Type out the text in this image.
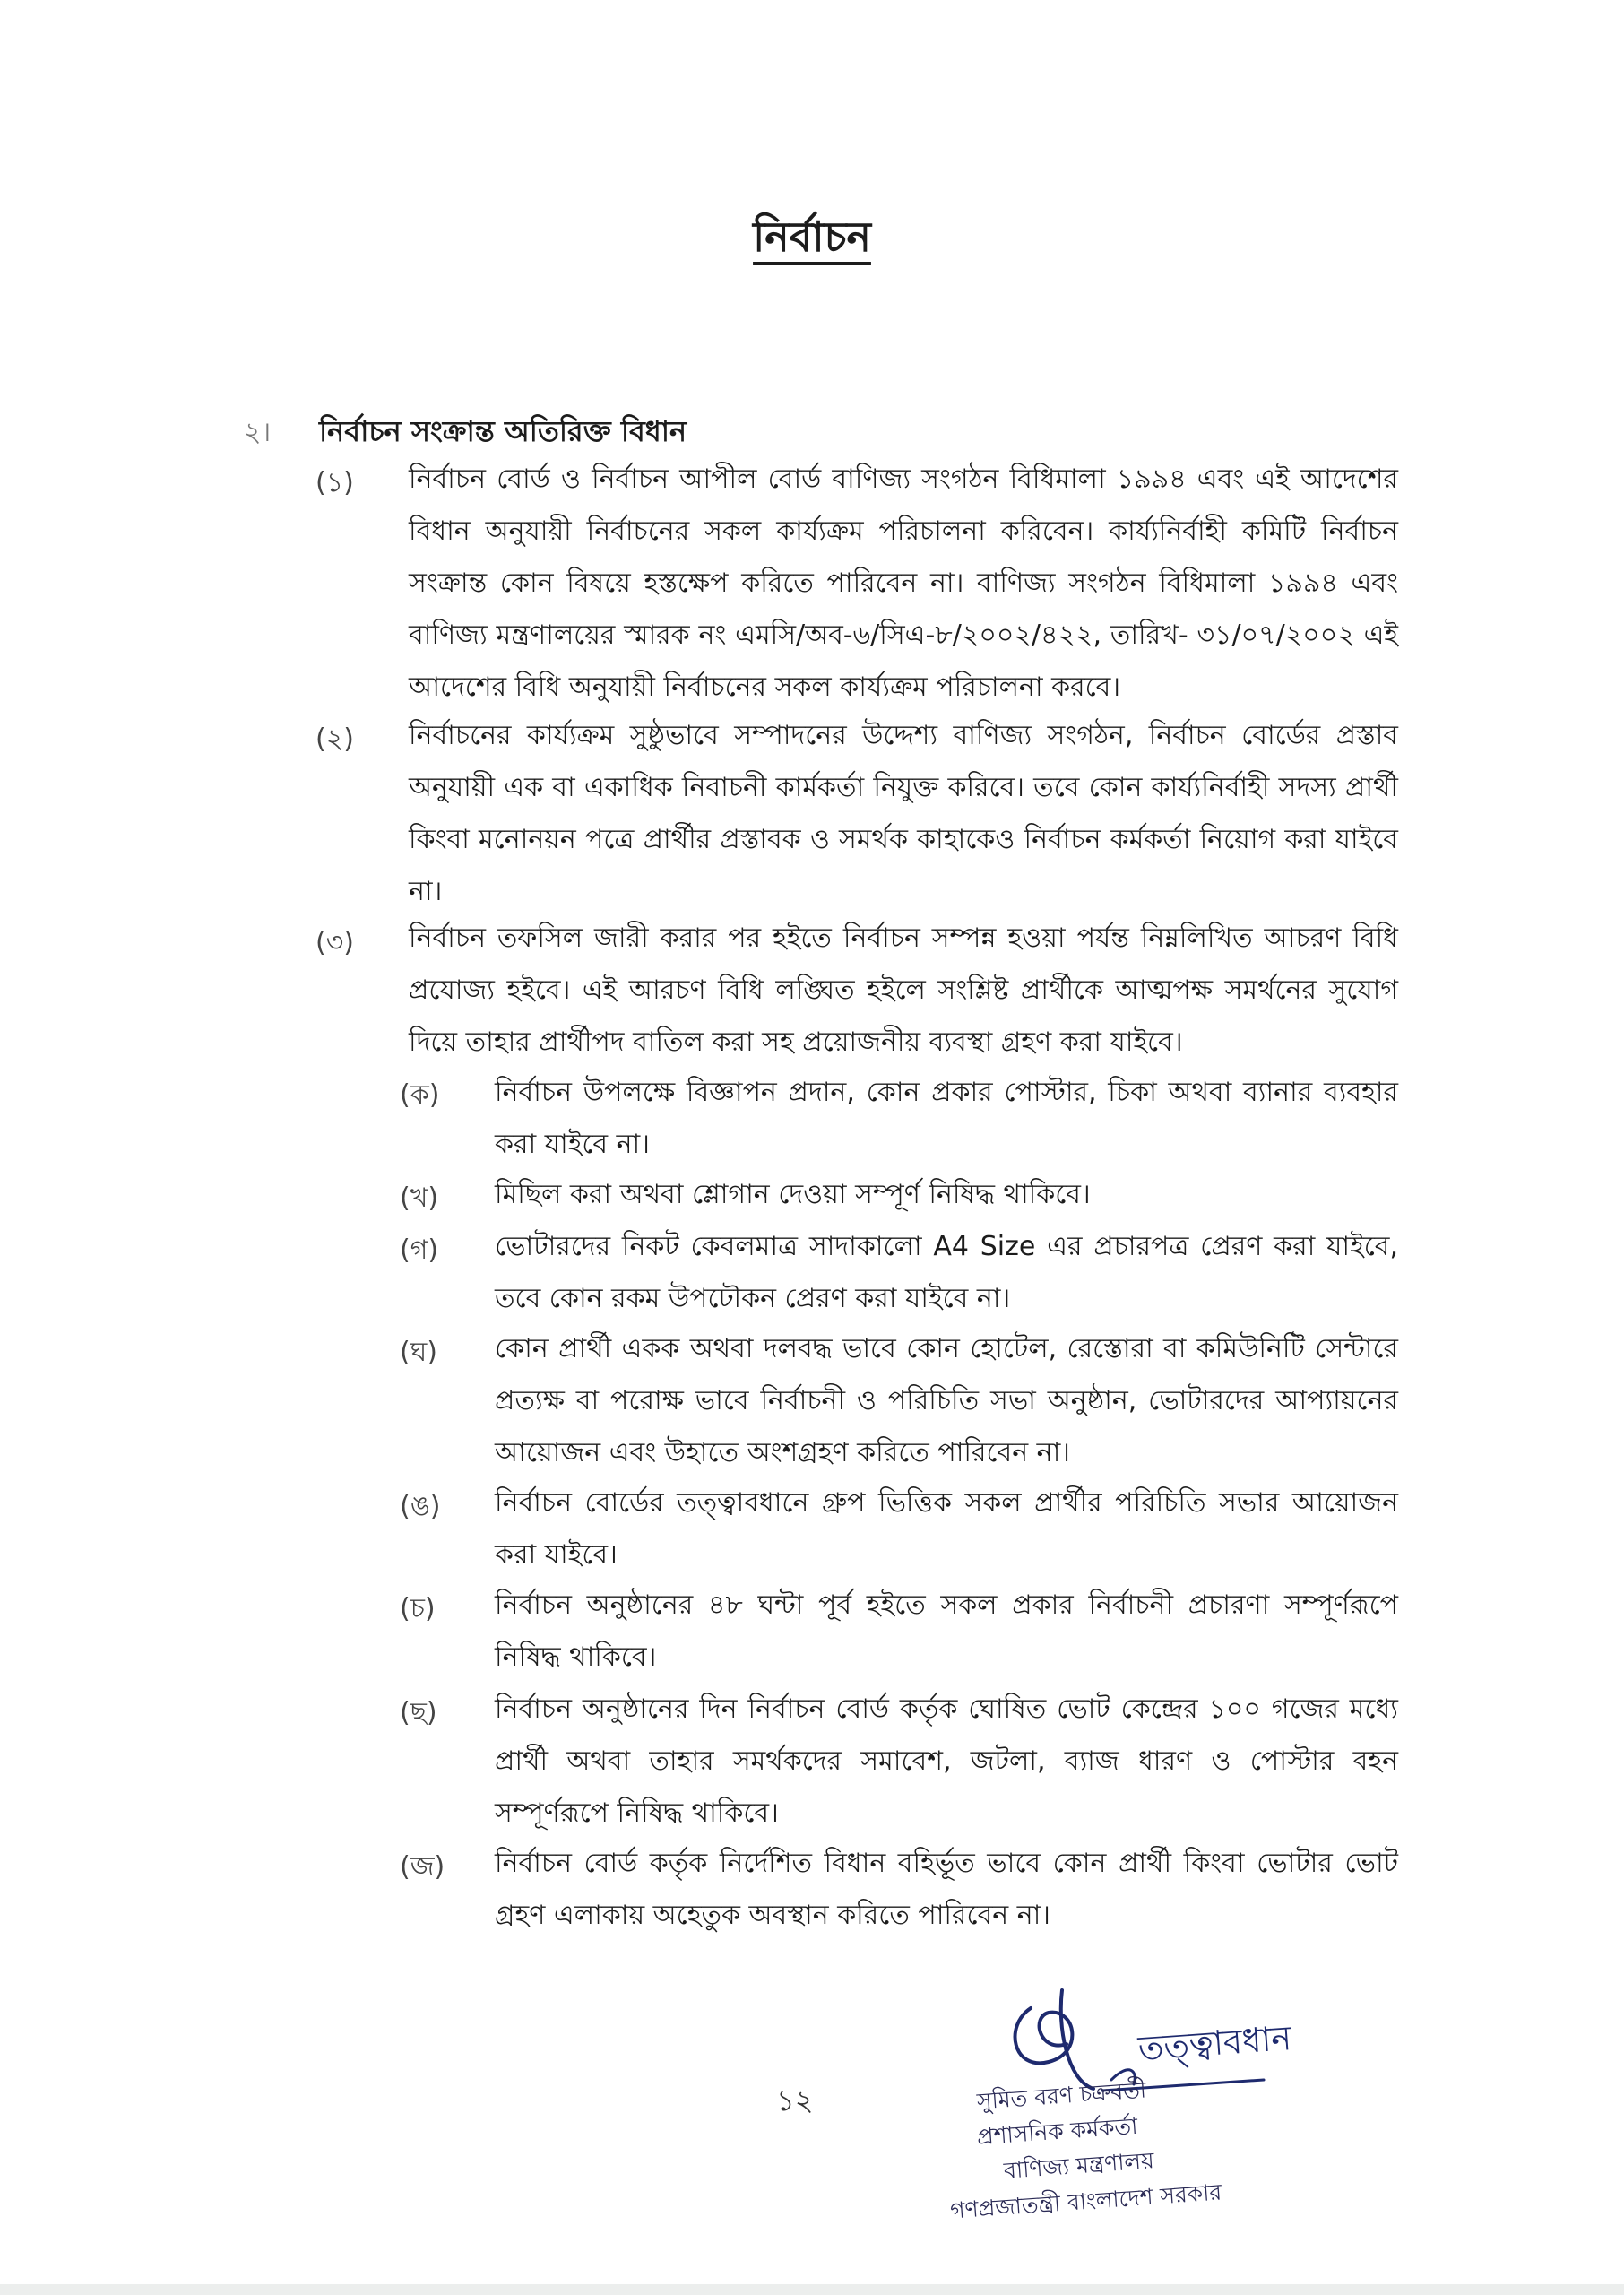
নির্বাচন
২। নির্বাচন সংক্রান্ত অতিরিক্ত বিধান
(১)	নির্বাচন বোর্ড ও নির্বাচন আপীল বোর্ড বাণিজ্য সংগঠন বিধিমালা ১৯৯৪ এবং এই আদেশের বিধান অনুযায়ী নির্বাচনের সকল কার্য্যক্রম পরিচালনা করিবেন। কার্য্যনির্বাহী কমিটি নির্বাচন সংক্রান্ত কোন বিষয়ে হস্তক্ষেপ করিতে পারিবেন না। বাণিজ্য সংগঠন বিধিমালা ১৯৯৪ এবং বাণিজ্য মন্ত্রণালয়ের স্মারক নং এমসি/অব-৬/সিএ-৮/২০০২/৪২২, তারিখ- ৩১/০৭/২০০২ এই আদেশের বিধি অনুযায়ী নির্বাচনের সকল কার্য্যক্রম পরিচালনা করবে।
(২)	নির্বাচনের কার্য্যক্রম সুষ্ঠুভাবে সম্পাদনের উদ্দেশ্য বাণিজ্য সংগঠন, নির্বাচন বোর্ডের প্রস্তাব অনুযায়ী এক বা একাধিক নিবাচনী কার্মকর্তা নিযুক্ত করিবে। তবে কোন কার্য্যনির্বাহী সদস্য প্রার্থী কিংবা মনোনয়ন পত্রে প্রার্থীর প্রস্তাবক ও সমর্থক কাহাকেও নির্বাচন কর্মকর্তা নিয়োগ করা যাইবে না।
(৩)	নির্বাচন তফসিল জারী করার পর হইতে নির্বাচন সম্পন্ন হওয়া পর্যন্ত নিম্নলিখিত আচরণ বিধি প্রযোজ্য হইবে। এই আরচণ বিধি লঙ্ঘিত হইলে সংশ্লিষ্ট প্রার্থীকে আত্মপক্ষ সমর্থনের সুযোগ দিয়ে তাহার প্রার্থীপদ বাতিল করা সহ প্রয়োজনীয় ব্যবস্থা গ্রহণ করা যাইবে।
(ক)	নির্বাচন উপলক্ষে বিজ্ঞাপন প্রদান, কোন প্রকার পোস্টার, চিকা অথবা ব্যানার ব্যবহার করা যাইবে না।
(খ)	মিছিল করা অথবা শ্লোগান দেওয়া সম্পূর্ণ নিষিদ্ধ থাকিবে।
(গ)	ভোটারদের নিকট কেবলমাত্র সাদাকালো A4 Size এর প্রচারপত্র প্রেরণ করা যাইবে, তবে কোন রকম উপঢৌকন প্রেরণ করা যাইবে না।
(ঘ)	কোন প্রার্থী একক অথবা দলবদ্ধ ভাবে কোন হোটেল, রেস্তোরা বা কমিউনিটি সেন্টারে প্রত্যক্ষ বা পরোক্ষ ভাবে নির্বাচনী ও পরিচিতি সভা অনুষ্ঠান, ভোটারদের আপ্যায়নের আয়োজন এবং উহাতে অংশগ্রহণ করিতে পারিবেন না।
(ঙ)	নির্বাচন বোর্ডের তত্ত্বাবধানে গ্রুপ ভিত্তিক সকল প্রার্থীর পরিচিতি সভার আয়োজন করা যাইবে।
(চ)	নির্বাচন অনুষ্ঠানের ৪৮ ঘন্টা পূর্ব হইতে সকল প্রকার নির্বাচনী প্রচারণা সম্পূর্ণরূপে নিষিদ্ধ থাকিবে।
(ছ)	নির্বাচন অনুষ্ঠানের দিন নির্বাচন বোর্ড কর্তৃক ঘোষিত ভোট কেন্দ্রের ১০০ গজের মধ্যে প্রার্থী অথবা তাহার সমর্থকদের সমাবেশ, জটলা, ব্যাজ ধারণ ও পোস্টার বহন সম্পূর্ণরূপে নিষিদ্ধ থাকিবে।
(জ)	নির্বাচন বোর্ড কর্তৃক নির্দেশিত বিধান বহির্ভূত ভাবে কোন প্রার্থী কিংবা ভোটার ভোট গ্রহণ এলাকায় অহেতুক অবস্থান করিতে পারিবেন না।
১২
তত্ত্বাবধান
সুমিত বরণ চক্রবর্তী
প্রশাসনিক কর্মকর্তা
বাণিজ্য মন্ত্রণালয়
গণপ্রজাতন্ত্রী বাংলাদেশ সরকার
